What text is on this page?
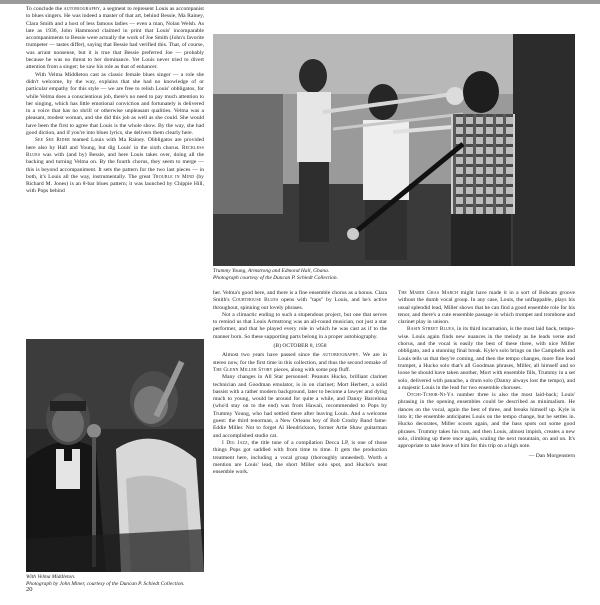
To conclude the autobiography, a segment to represent Louis as accompanist to blues singers. He was indeed a master of that art, behind Bessie, Ma Rainey, Clara Smith and a host of less famous ladies — even a man, Nolan Welsh. As late as 1936, John Hammond claimed in print that Louis' incomparable accompaniments to Bessie were actually the work of Joe Smith (John's favorite trumpeter — tastes differ), saying that Bessie had verified this. That, of course, was arrant nonsense, but it is true that Bessie preferred Joe — probably because he was no threat to her dominance. Yet Louis never tried to divert attention from a singer; he saw his role as that of enhancer.

With Velma Middleton cast as classic female blues singer — a role she didn't welcome, by the way, explains that she had no knowledge of or particular empathy for this style — we are free to relish Louis' obbligatos, for while Velma does a conscientious job, there's no need to pay much attention to her singing, which has little emotional conviction and fortunately is delivered in a voice that has no shrill or otherwise unpleasant qualities. Velma was a pleasant, modest woman, and she did this job as well as she could. She would have been the first to agree that Louis is the whole show. By the way, she had good diction, and if you're into blues lyrics, she delivers them clearly here.

See See Rider teamed Louis with Ma Rainey. Obbligatos are provided here also by Hall and Young, but dig Louis' in the sixth chorus. Reckless Blues was with (and by) Bessie, and here Louis takes over, doing all the backing and turning Velma on. By the fourth chorus, they seem to merge — this is beyond accompaniment. It sets the pattern for the two last pieces — in both, it's Louis all the way, instrumentally. The great Trouble in Mind (by Richard M. Jones) is an 8-bar blues pattern; it was launched by Chippie Hill, with Pops behind

With Velma Middleton.
Photograph by John Miner, courtesy of the Duncan P. Schiedt Collection.
Trummy Young, Armstrong and Edmond Hall, Ghana.
Photograph courtesy of the Duncan P. Schiedt Collection.

her. Velma's good here, and there is a fine ensemble chorus as a bonus. Clara Smith's Courthouse Blues opens with "taps" by Louis, and he's active throughout, spinning out lovely phrases.

Not a climactic ending to such a stupendous project, but one that serves to remind us that Louis Armstrong was an all-round musician, not just a star performer, and that he played every role in which he was cast as if to the manner born. So these supporting parts belong in a proper autobiography.

(B) OCTOBER 8, 1958

Almost two years have passed since the autobiography. We are in stereo now, for the first time in this collection, and thus the second remake of The Glenn Miller Story pieces, along with some pop fluff.

Many changes in All Star personnel: Peanuts Hucko, brilliant clarinet technician and Goodman emulator, is in on clarinet; Mort Herbert, a solid bassist with a rather modern background, later to become a lawyer and dying much to young, would be around for quite a while, and Danny Barcelona (who'd stay on to the end) was from Hawaii, recommended to Pops by Trummy Young, who had settled there after leaving Louis. And a welcome guest: the third tenorman, a New Orleans boy of Bob Crosby Band fame: Eddie Miller. Not to forget Al Hendrickson, former Artie Shaw guitarman and accomplished studio cat.

I Dig Jazz, the title tune of a compilation Decca LP, is one of those things Pops got saddled with from time to time. It gets the production treatment here, including a vocal group (thoroughly unneeded). Worth a mention are Louis' lead, the short Miller solo spot, and Hucko's neat ensemble work.

The Mardi Gras March might have made it in a sort of Bobcats groove without the dumb vocal group. In any case, Louis, the unflappable, plays his usual splendid lead, Miller shows that he can find a good ensemble role for his tenor, and there's a cute ensemble passage in which trumpet and trombone and clarinet play in unison.

Basin Street Blues, in its third incarnation, is the most laid back, tempo-wise. Louis again finds new nuances in the melody as he leads verse and chorus, and the vocal is easily the best of these three, with nice Miller obbligato, and a stunning final break. Kyle's solo brings on the Campbells and Louis tells us that they're coming, and then the tempo changes, more fine lead trumpet, a Hucko solo that's all Goodman phrases, Miller, all himself and so loose he should have taken another, Mort with ensemble fills, Trummy in a set solo, delivered with panache, a drum solo (Danny always lost the tempo), and a majestic Louis in the lead for two ensemble choruses.

Otchi-Tchor-Ni-Ya number three is also the most laid-back; Louis' phrasing in the opening ensembles could be described as minimalism. He dances on the vocal, again the best of three, and breaks himself up. Kyle is into it; the ensemble anticipates Louis on the tempo change, but he settles in. Hucko decorates, Miller scoots again, and the bass spots out some good phrases. Trummy takes his turn, and then Louis, almost impish, creates a new solo, climbing up there once again, scaling the next mountain, on and on. It's appropriate to take leave of him for this trip on a high note.

— Dan Morgenstern

20
